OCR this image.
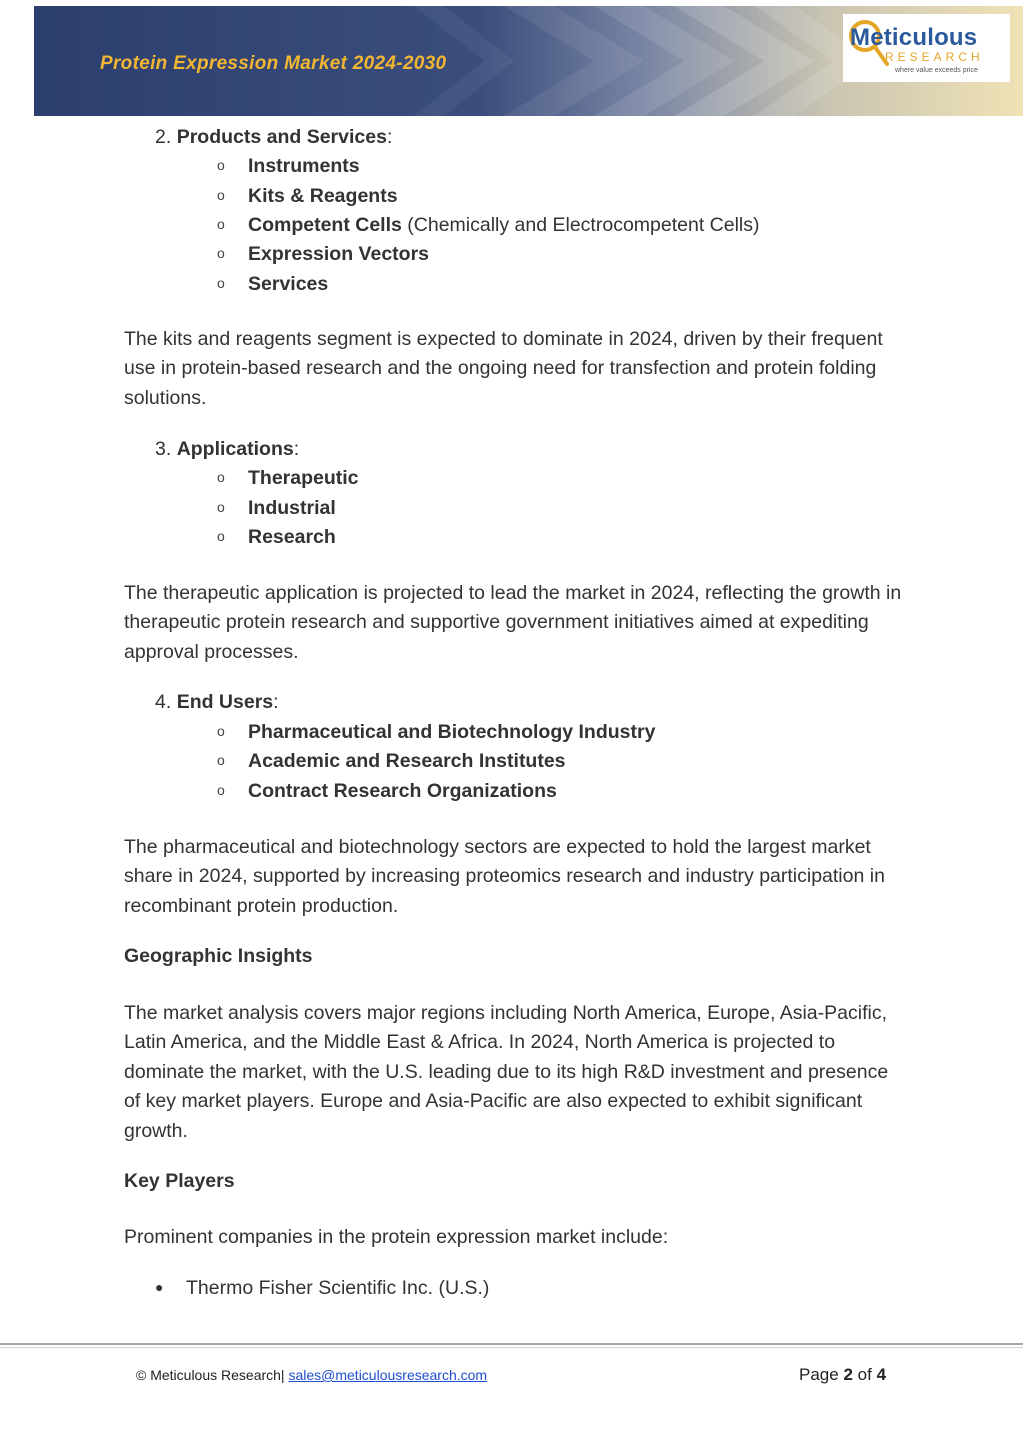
Protein Expression Market 2024-2030
Meticulous
RESEARCH
where value exceeds price
2. Products and Services:
o Instruments
o Kits & Reagents
o Competent Cells (Chemically and Electrocompetent Cells)
o Expression Vectors
o Services
The kits and reagents segment is expected to dominate in 2024, driven by their frequent use in protein-based research and the ongoing need for transfection and protein folding solutions.
3. Applications:
o Therapeutic
o Industrial
o Research
The therapeutic application is projected to lead the market in 2024, reflecting the growth in therapeutic protein research and supportive government initiatives aimed at expediting approval processes.
4. End Users:
o Pharmaceutical and Biotechnology Industry
o Academic and Research Institutes
o Contract Research Organizations
The pharmaceutical and biotechnology sectors are expected to hold the largest market share in 2024, supported by increasing proteomics research and industry participation in recombinant protein production.
Geographic Insights
The market analysis covers major regions including North America, Europe, Asia-Pacific, Latin America, and the Middle East & Africa. In 2024, North America is projected to dominate the market, with the U.S. leading due to its high R&D investment and presence of key market players. Europe and Asia-Pacific are also expected to exhibit significant growth.
Key Players
Prominent companies in the protein expression market include:
● Thermo Fisher Scientific Inc. (U.S.)
© Meticulous Research| sales@meticulousresearch.com	Page 2 of 4
